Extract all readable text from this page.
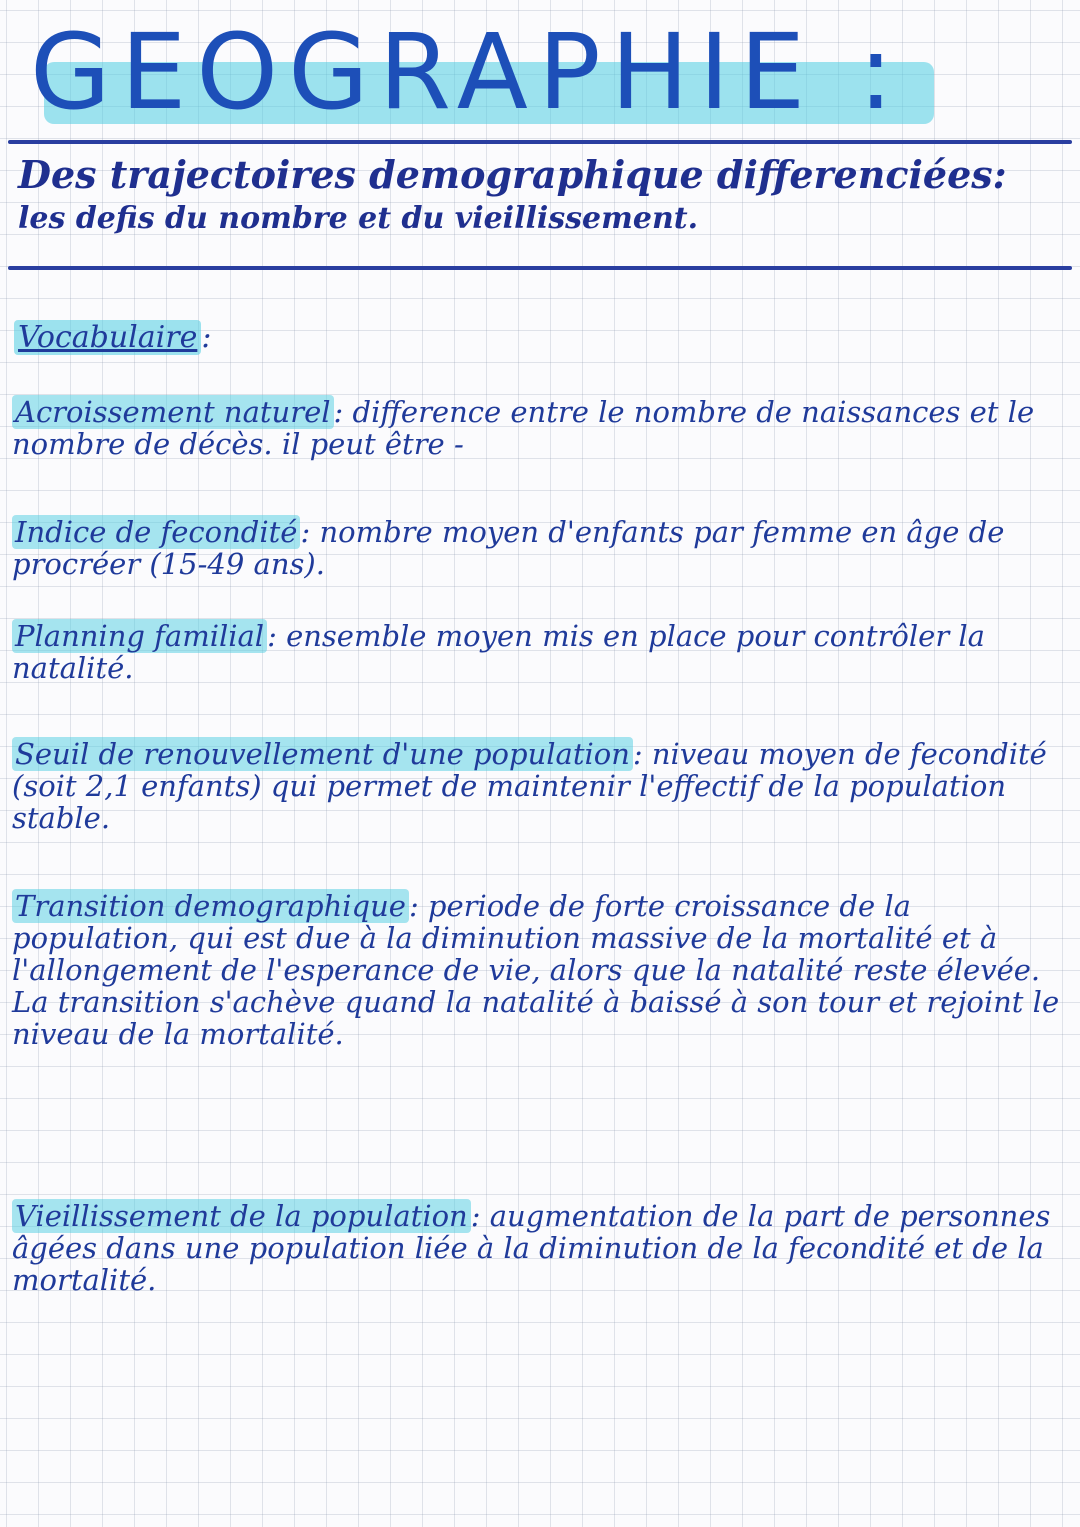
GEOGRAPHIE :
Des trajectoires demographique differenciées:
les defis du nombre et du vieillissement.
Vocabulaire :

Acroissement naturel : difference entre le nombre de naissances et le nombre de décès. il peut être -

Indice de fecondité : nombre moyen d'enfants par femme en âge de procréer (15-49 ans).

Planning familial : ensemble moyen mis en place pour contrôler la natalité.

Seuil de renouvellement d'une population : niveau moyen de fecondité (soit 2,1 enfants) qui permet de maintenir l'effectif de la population stable.

Transition demographique : periode de forte croissance de la population, qui est due à la diminution massive de la mortalité et à l'allongement de l'esperance de vie, alors que la natalité reste élevée. La transition s'achève quand la natalité à baissé à son tour et rejoint le niveau de la mortalité.

Vieillissement de la population : augmentation de la part de personnes âgées dans une population liée à la diminution de la fecondité et de la mortalité.
